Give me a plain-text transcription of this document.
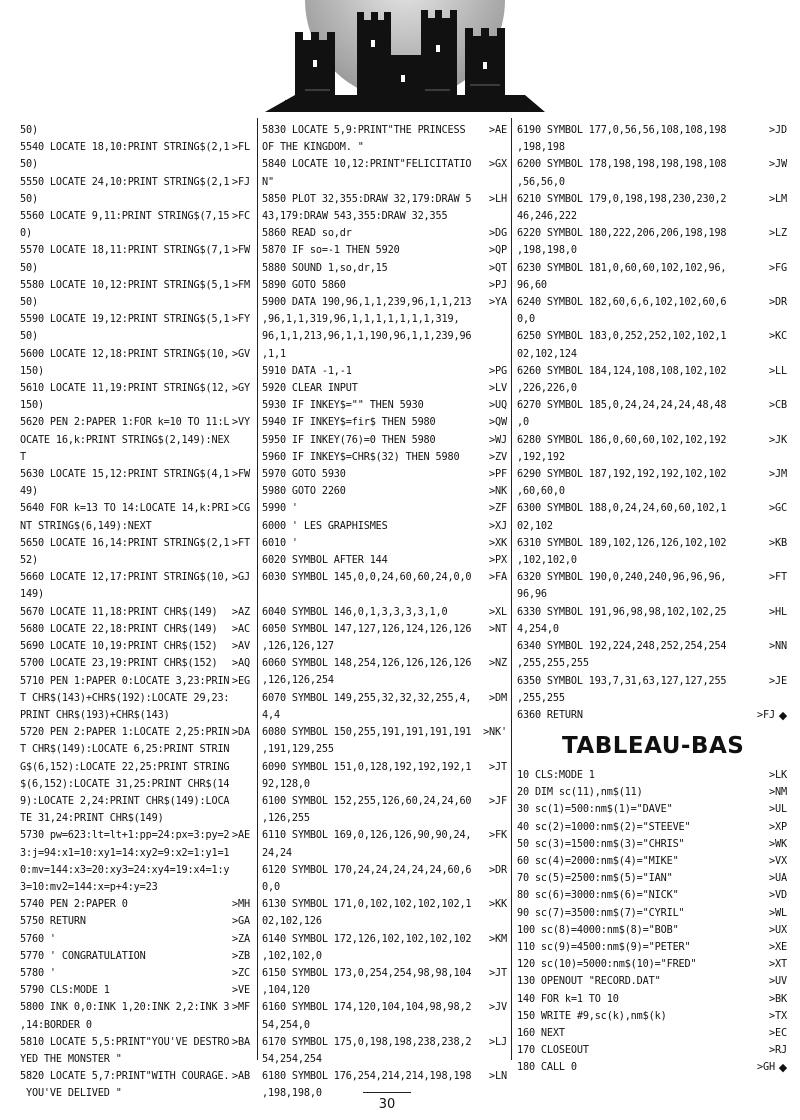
50)
5540 LOCATE 18,10:PRINT STRING$(2,1 >FL
50)
5550 LOCATE 24,10:PRINT STRING$(2,1 >FJ
50)
5560 LOCATE 9,11:PRINT STRING$(7,15 >FC
0)
5570 LOCATE 18,11:PRINT STRING$(7,1 >FW
50)
5580 LOCATE 10,12:PRINT STRING$(5,1 >FM
50)
5590 LOCATE 19,12:PRINT STRING$(5,1 >FY
50)
5600 LOCATE 12,18:PRINT STRING$(10, >GV
150)
5610 LOCATE 11,19:PRINT STRING$(12, >GY
150)
5620 PEN 2:PAPER 1:FOR k=10 TO 11:L >VY
OCATE 16,k:PRINT STRING$(2,149):NEX
T
5630 LOCATE 15,12:PRINT STRING$(4,1 >FW
49)
5640 FOR k=13 TO 14:LOCATE 14,k:PRI >CG
NT STRING$(6,149):NEXT
5650 LOCATE 16,14:PRINT STRING$(2,1 >FT
52)
5660 LOCATE 12,17:PRINT STRING$(10, >GJ
149)
5670 LOCATE 11,18:PRINT CHR$(149) >AZ
5680 LOCATE 22,18:PRINT CHR$(149) >AC
5690 LOCATE 10,19:PRINT CHR$(152) >AV
5700 LOCATE 23,19:PRINT CHR$(152) >AQ
5710 PEN 1:PAPER 0:LOCATE 3,23:PRIN >EG
T CHR$(143)+CHR$(192):LOCATE 29,23:
PRINT CHR$(193)+CHR$(143)
5720 PEN 2:PAPER 1:LOCATE 2,25:PRIN >DA
T CHR$(149):LOCATE 6,25:PRINT STRIN
G$(6,152):LOCATE 22,25:PRINT STRING
$(6,152):LOCATE 31,25:PRINT CHR$(14
9):LOCATE 2,24:PRINT CHR$(149):LOCA
TE 31,24:PRINT CHR$(149)
5730 pw=623:lt=lt+1:pp=24:px=3:py=2 >AE
3:j=94:x1=10:xy1=14:xy2=9:x2=1:y1=1
0:mv=144:x3=20:xy3=24:xy4=19:x4=1:y
3=10:mv2=144:x=p+4:y=23
5740 PEN 2:PAPER 0	>MH
5750 RETURN	>GA
5760 '	>ZA
5770 ' CONGRATULATION	>ZB
5780 '	>ZC
5790 CLS:MODE 1	>VE
5800 INK 0,0:INK 1,20:INK 2,2:INK 3 >MF
,14:BORDER 0
5810 LOCATE 5,5:PRINT"YOU'VE DESTRO >BA
YED THE MONSTER "
5820 LOCATE 5,7:PRINT"WITH COURAGE. >AB
YOU'VE DELIVED "
5830 LOCATE 5,9:PRINT"THE PRINCESS >AE
OF THE KINGDOM. "
5840 LOCATE 10,12:PRINT"FELICITATIO >GX
N"
5850 PLOT 32,355:DRAW 32,179:DRAW 5 >LH
43,179:DRAW 543,355:DRAW 32,355
5860 READ so,dr	>DG
5870 IF so=-1 THEN 5920	>QP
5880 SOUND 1,so,dr,15	>QT
5890 GOTO 5860	>PJ
5900 DATA 190,96,1,1,239,96,1,1,213 >YA
,96,1,1,319,96,1,1,1,1,1,1,1,319,
96,1,1,213,96,1,1,190,96,1,1,239,96
,1,1
5910 DATA -1,-1	>PG
5920 CLEAR INPUT	>LV
5930 IF INKEY$="" THEN 5930	>UQ
5940 IF INKEY$=fir$ THEN 5980	>QW
5950 IF INKEY(76)=0 THEN 5980	>WJ
5960 IF INKEY$=CHR$(32) THEN 5980	>ZV
5970 GOTO 5930	>PF
5980 GOTO 2260	>NK
5990 '	>ZF
6000 ' LES GRAPHISMES	>XJ
6010 '	>XK
6020 SYMBOL AFTER 144	>PX
6030 SYMBOL 145,0,0,24,60,60,24,0,0 >FA
6040 SYMBOL 146,0,1,3,3,3,3,1,0	>XL
6050 SYMBOL 147,127,126,124,126,126 >NT
,126,126,127
6060 SYMBOL 148,254,126,126,126,126 >NZ
,126,126,254
6070 SYMBOL 149,255,32,32,32,255,4, >DM
4,4
6080 SYMBOL 150,255,191,191,191,191 >NK'
,191,129,255
6090 SYMBOL 151,0,128,192,192,192,1 >JT
92,128,0
6100 SYMBOL 152,255,126,60,24,24,60 >JF
,126,255
6110 SYMBOL 169,0,126,126,90,90,24, >FK
24,24
6120 SYMBOL 170,24,24,24,24,24,60,6 >DR
0,0
6130 SYMBOL 171,0,102,102,102,102,1 >KK
02,102,126
6140 SYMBOL 172,126,102,102,102,102 >KM
,102,102,0
6150 SYMBOL 173,0,254,254,98,98,104 >JT
,104,120
6160 SYMBOL 174,120,104,104,98,98,2 >JV
54,254,0
6170 SYMBOL 175,0,198,198,238,238,2 >LJ
54,254,254
6180 SYMBOL 176,254,214,214,198,198 >LN
,198,198,0
6190 SYMBOL 177,0,56,56,108,108,198	>JD
,198,198
6200 SYMBOL 178,198,198,198,198,108	>JW
,56,56,0
6210 SYMBOL 179,0,198,198,230,230,2	>LM
46,246,222
6220 SYMBOL 180,222,206,206,198,198	>LZ
,198,198,0
6230 SYMBOL 181,0,60,60,102,102,96,	>FG
96,60
6240 SYMBOL 182,60,6,6,102,102,60,6	>DR
0,0
6250 SYMBOL 183,0,252,252,102,102,1	>KC
02,102,124
6260 SYMBOL 184,124,108,108,102,102	>LL
,226,226,0
6270 SYMBOL 185,0,24,24,24,24,48,48	>CB
,0
6280 SYMBOL 186,0,60,60,102,102,192	>JK
,192,192
6290 SYMBOL 187,192,192,192,102,102	>JM
,60,60,0
6300 SYMBOL 188,0,24,24,60,60,102,1	>GC
02,102
6310 SYMBOL 189,102,126,126,102,102	>KB
,102,102,0
6320 SYMBOL 190,0,240,240,96,96,96,	>FT
96,96
6330 SYMBOL 191,96,98,98,102,102,25	>HL
4,254,0
6340 SYMBOL 192,224,248,252,254,254	>NN
,255,255,255
6350 SYMBOL 193,7,31,63,127,127,255	>JE
,255,255
6360 RETURN	>FJ ◆
TABLEAU-BAS
10 CLS:MODE 1	>LK
20 DIM sc(11),nm$(11)	>NM
30 sc(1)=500:nm$(1)="DAVE"	>UL
40 sc(2)=1000:nm$(2)="STEEVE"	>XP
50 sc(3)=1500:nm$(3)="CHRIS"	>WK
60 sc(4)=2000:nm$(4)="MIKE"	>VX
70 sc(5)=2500:nm$(5)="IAN"	>UA
80 sc(6)=3000:nm$(6)="NICK"	>VD
90 sc(7)=3500:nm$(7)="CYRIL"	>WL
100 sc(8)=4000:nm$(8)="BOB"	>UX
110 sc(9)=4500:nm$(9)="PETER"	>XE
120 sc(10)=5000:nm$(10)="FRED"	>XT
130 OPENOUT "RECORD.DAT"	>UV
140 FOR k=1 TO 10	>BK
150 WRITE #9,sc(k),nm$(k)	>TX
160 NEXT	>EC
170 CLOSEOUT	>RJ
180 CALL 0	>GH ◆
30
